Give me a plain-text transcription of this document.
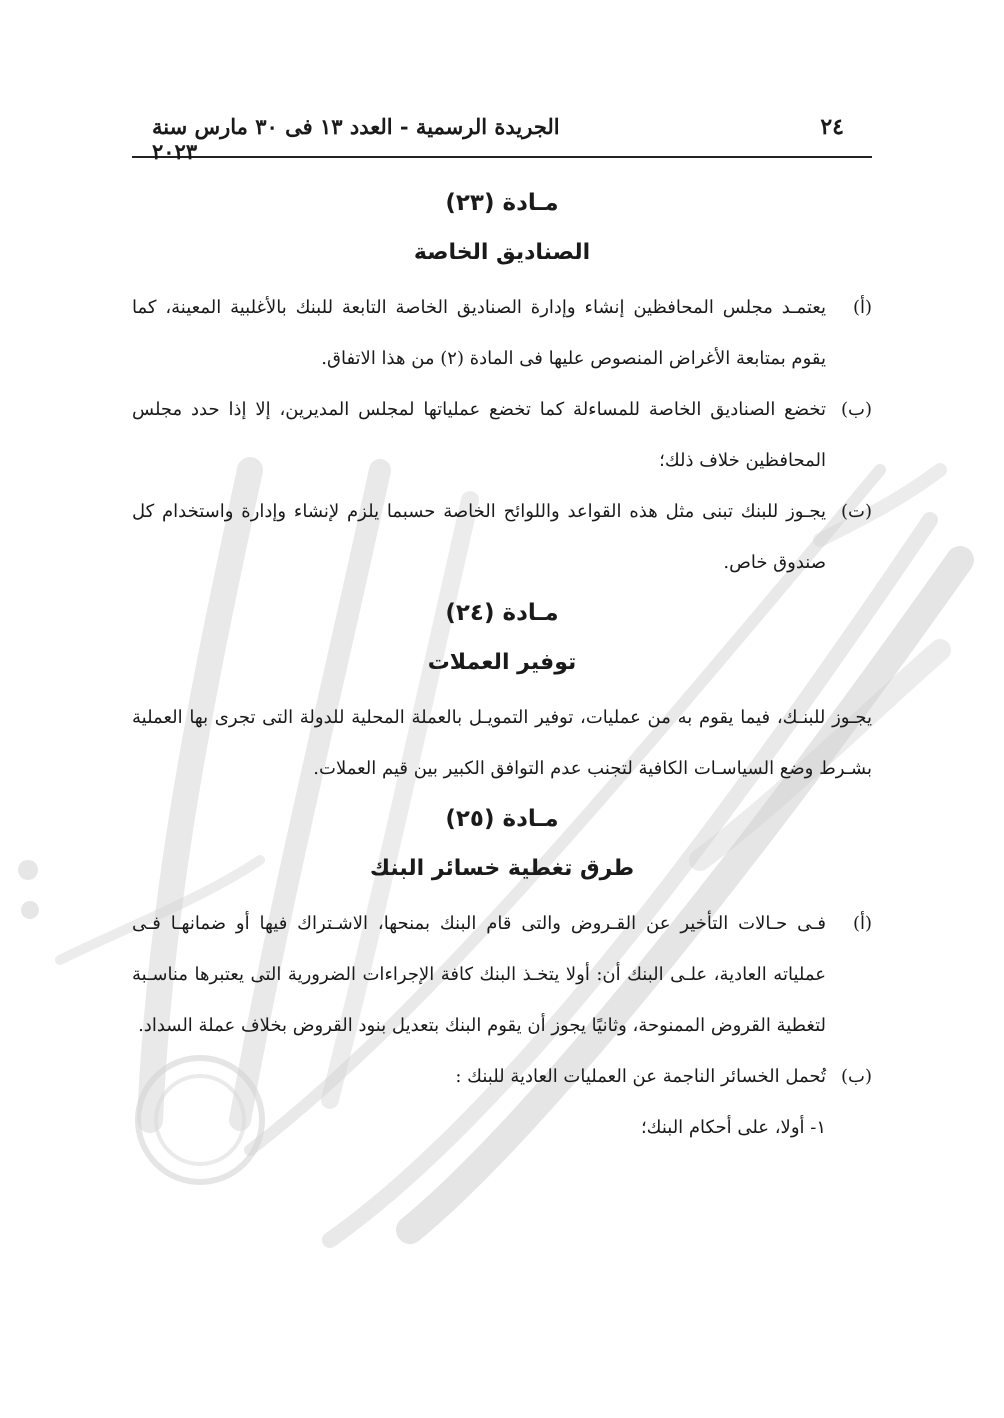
٢٤
الجريدة الرسمية - العدد ١٣ فى ٣٠ مارس سنة ٢٠٢٣
مـادة (٢٣)
الصناديق الخاصة
(أ)
يعتمـد مجلس المحافظين إنشاء وإدارة الصناديق الخاصة التابعة للبنك بالأغلبية المعينة، كما يقوم بمتابعة الأغراض المنصوص عليها فى المادة (٢) من هذا الاتفاق.
(ب)
تخضع الصناديق الخاصة للمساءلة كما تخضع عملياتها لمجلس المديرين، إلا إذا حدد مجلس المحافظين خلاف ذلك؛
(ت)
يجـوز للبنك تبنى مثل هذه القواعد واللوائح الخاصة حسبما يلزم لإنشاء وإدارة واستخدام كل صندوق خاص.
مـادة (٢٤)
توفير العملات

يجـوز للبنـك، فيما يقوم به من عمليات، توفير التمويـل بالعملة المحلية للدولة التى تجرى بها العملية بشـرط وضع السياسـات الكافية لتجنب عدم التوافق الكبير بين قيم العملات.

مـادة (٢٥)
طرق تغطية خسائر البنك
(أ)
فـى حـالات التأخير عن القـروض والتى قام البنك بمنحها، الاشـتراك فيها أو ضمانهـا فـى عملياته العادية، علـى البنك أن: أولا يتخـذ البنك كافة الإجراءات الضرورية التى يعتبرها مناسـبة لتغطية القروض الممنوحة، وثانيًا يجوز أن يقوم البنك بتعديل بنود القروض بخلاف عملة السداد.
(ب)
تُحمل الخسائر الناجمة عن العمليات العادية للبنك :

١- أولا، على أحكام البنك؛
